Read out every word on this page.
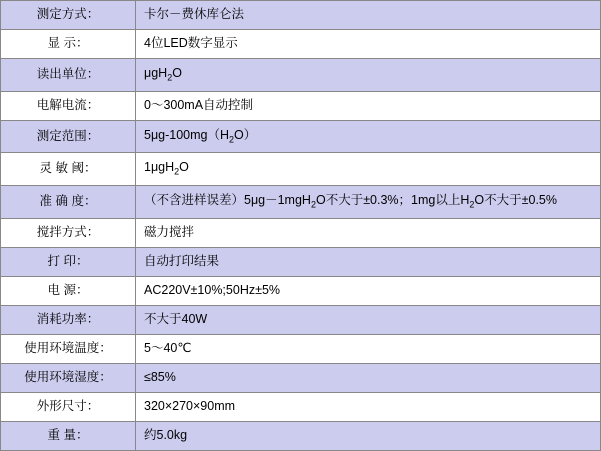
测定方式：	卡尔－费休库仑法
显 示：	4位LED数字显示
读出单位：	μgH$_2$O
电解电流：	0～300mA自动控制
测定范围：	$5\mu g-100mg(H_2O)$
灵 敏 阈：	1μgH$_2$O
准 确 度：	（不含进样误差）5μg－1mgH$_2$O不大于±0.3%；1mg以上$H_2O$不大于±0.5%
搅拌方式：	磁力搅拌
打 印：	自动打印结果
电 源：	AC220V±10%;50Hz±5%
消耗功率：	不大于40W
使用环境温度：	5～40℃
使用环境湿度：	≤85%
外形尺寸：	320×270×90mm
重 量：	约5.0kg
